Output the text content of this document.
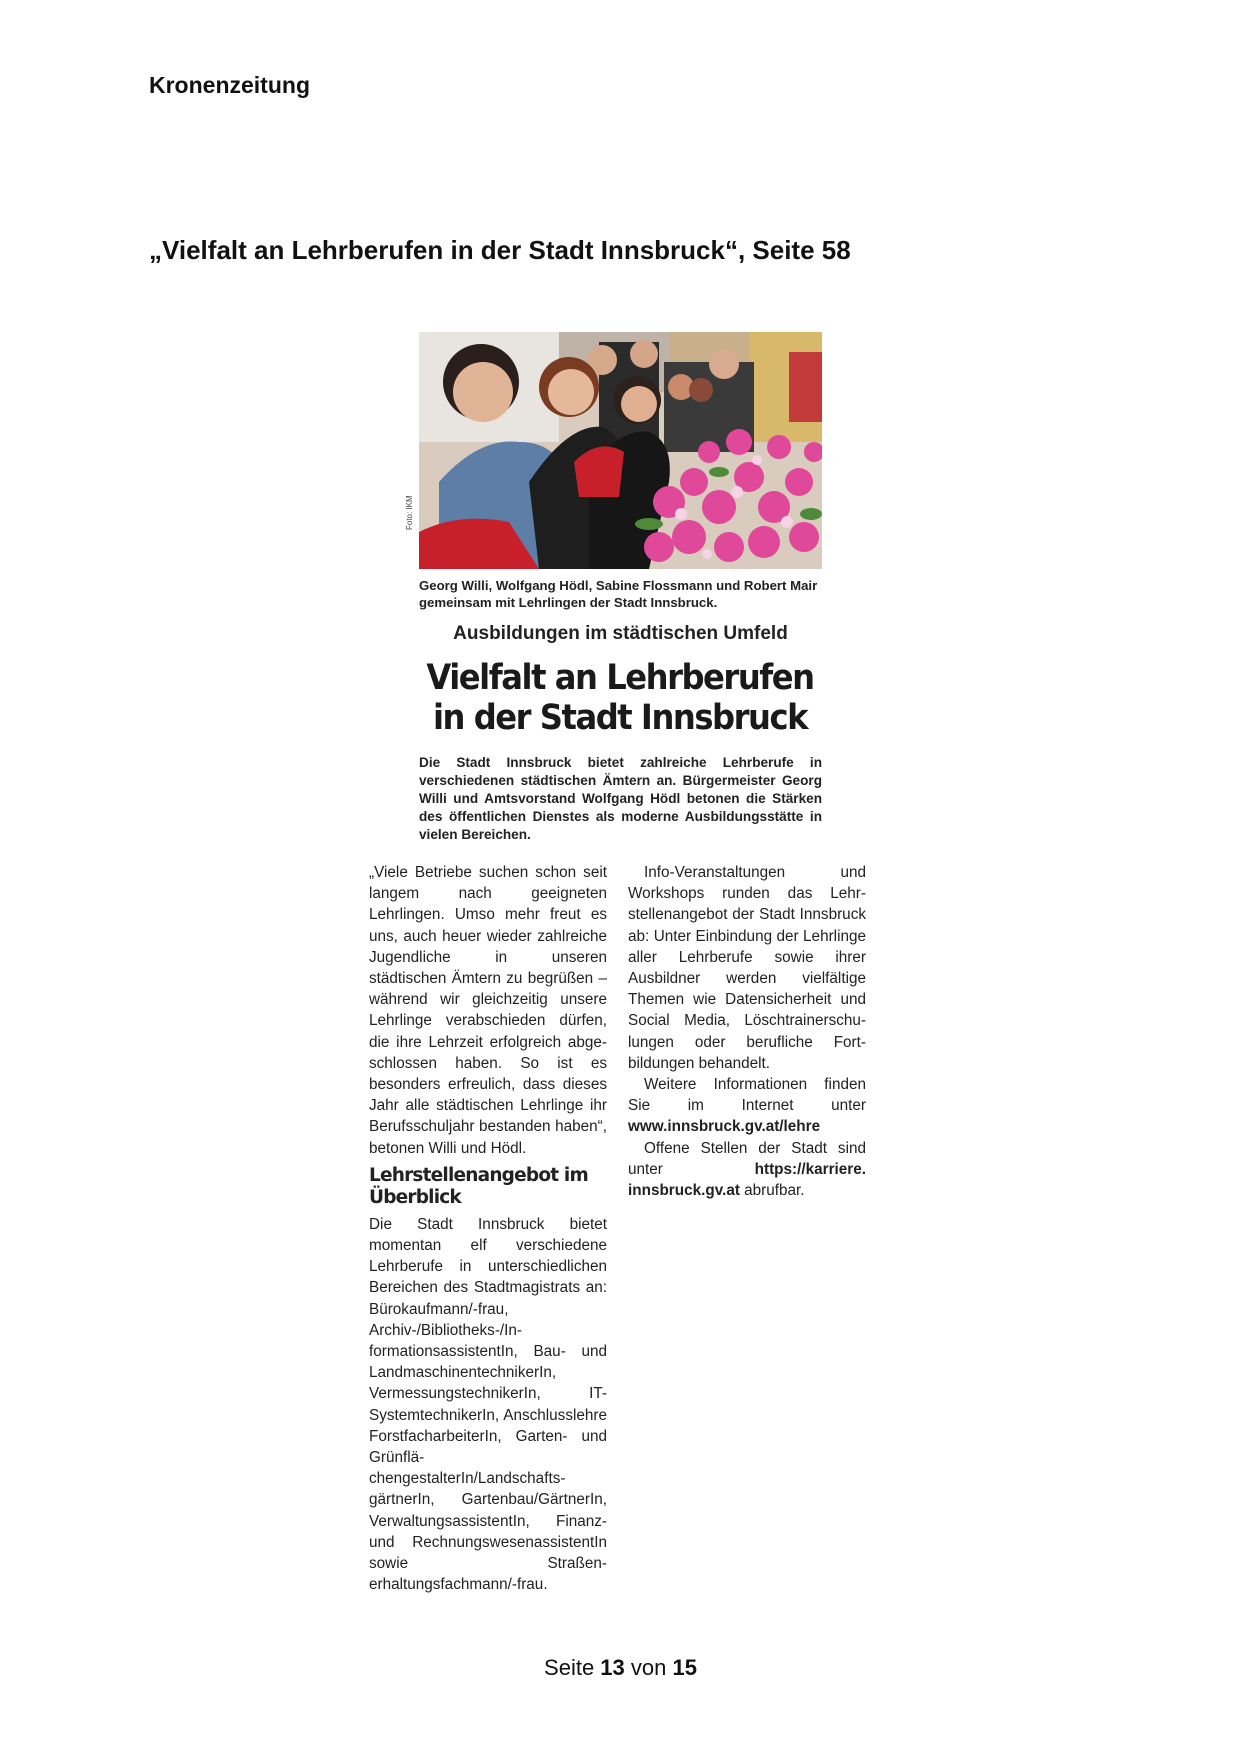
Kronenzeitung
„Vielfalt an Lehrberufen in der Stadt Innsbruck“, Seite 58
Foto: IKM
Georg Willi, Wolfgang Hödl, Sabine Flossmann und Robert Mair gemeinsam mit Lehrlingen der Stadt Innsbruck.
Ausbildungen im städtischen Umfeld
Vielfalt an Lehrberufen
in der Stadt Innsbruck
Die Stadt Innsbruck bietet zahlreiche Lehrberufe in verschiedenen städtischen Ämtern an. Bürgermeister Georg Willi und Amtsvorstand Wolfgang Hödl betonen die Stärken des öffentlichen Dienstes als moderne Ausbildungsstätte in vielen Bereichen.

„Viele Betriebe suchen schon seit langem nach geeigneten Lehrlingen. Umso mehr freut es uns, auch heuer wieder zahlreiche Jugendliche in unseren städtischen Ämtern zu begrüßen – während wir gleichzeitig unsere Lehrlinge verabschieden dürfen, die ihre Lehrzeit erfolgreich abgeschlossen haben. So ist es besonders erfreulich, dass dieses Jahr alle städtischen Lehrlinge ihr Berufsschuljahr bestanden haben“, betonen Willi und Hödl.

Lehrstellenangebot im Überblick

Die Stadt Innsbruck bietet momentan elf verschiedene Lehrberufe in unterschiedlichen Bereichen des Stadtmagistrats an: Bürokaufmann/-frau, Archiv-/Bibliotheks-/InformationsassistentIn, Bau- und LandmaschinentechnikerIn, VermessungstechnikerIn, IT-SystemtechnikerIn, Anschlusslehre ForstfacharbeiterIn, Garten- und GrünflächengestalterIn/LandschaftsgärtnerIn, Gartenbau/GärtnerIn, VerwaltungsassistentIn, Finanz- und RechnungswesenassistentIn sowie Straßenerhaltungsfachmann/-frau.

Info-Veranstaltungen und Workshops runden das Lehrstellenangebot der Stadt Innsbruck ab: Unter Einbindung der Lehrlinge aller Lehrberufe sowie ihrer Ausbildner werden vielfältige Themen wie Datensicherheit und Social Media, Löschtrainerschulungen oder berufliche Fortbildungen behandelt.

Weitere Informationen finden Sie im Internet unter www.innsbruck.gv.at/lehre

Offene Stellen der Stadt sind unter https://karriere. innsbruck.gv.at abrufbar.

Seite 13 von 15
